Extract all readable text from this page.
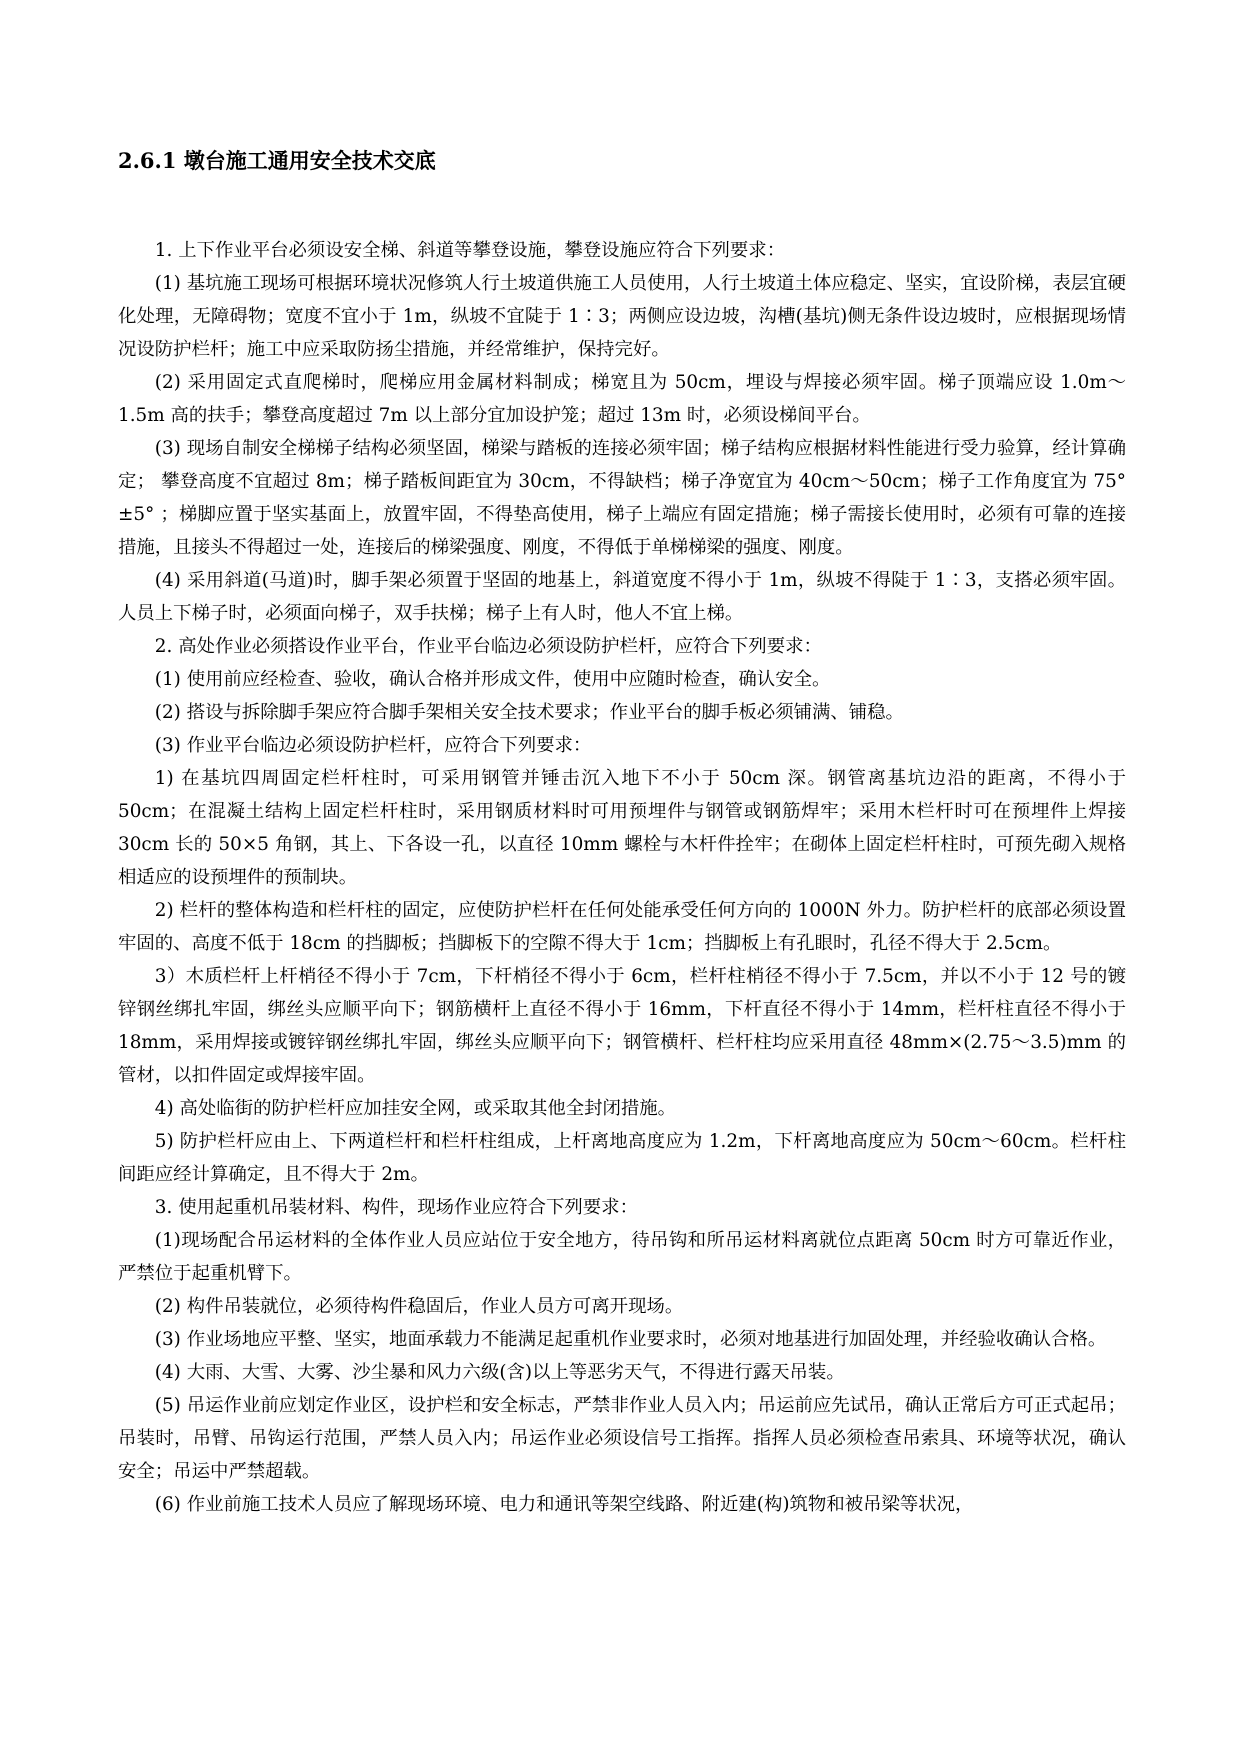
2.6.1 墩台施工通用安全技术交底

1. 上下作业平台必须设安全梯、斜道等攀登设施，攀登设施应符合下列要求：

(1) 基坑施工现场可根据环境状况修筑人行土坡道供施工人员使用，人行土坡道土体应稳定、坚实，宜设阶梯，表层宜硬化处理，无障碍物；宽度不宜小于 1m，纵坡不宜陡于 1∶3；两侧应设边坡，沟槽(基坑)侧无条件设边坡时，应根据现场情况设防护栏杆；施工中应采取防扬尘措施，并经常维护，保持完好。

(2) 采用固定式直爬梯时，爬梯应用金属材料制成；梯宽且为 50cm，埋设与焊接必须牢固。梯子顶端应设 1.0m～1.5m 高的扶手；攀登高度超过 7m 以上部分宜加设护笼；超过 13m 时，必须设梯间平台。

(3) 现场自制安全梯梯子结构必须坚固，梯梁与踏板的连接必须牢固；梯子结构应根据材料性能进行受力验算，经计算确定； 攀登高度不宜超过 8m；梯子踏板间距宜为 30cm，不得缺档；梯子净宽宜为 40cm～50cm；梯子工作角度宜为 75° ±5° ；梯脚应置于坚实基面上，放置牢固，不得垫高使用，梯子上端应有固定措施；梯子需接长使用时，必须有可靠的连接措施，且接头不得超过一处，连接后的梯梁强度、刚度，不得低于单梯梯梁的强度、刚度。

(4) 采用斜道(马道)时，脚手架必须置于坚固的地基上，斜道宽度不得小于 1m，纵坡不得陡于 1∶3，支搭必须牢固。人员上下梯子时，必须面向梯子，双手扶梯；梯子上有人时，他人不宜上梯。

2. 高处作业必须搭设作业平台，作业平台临边必须设防护栏杆，应符合下列要求：

(1) 使用前应经检查、验收，确认合格并形成文件，使用中应随时检查，确认安全。

(2) 搭设与拆除脚手架应符合脚手架相关安全技术要求；作业平台的脚手板必须铺满、铺稳。

(3) 作业平台临边必须设防护栏杆，应符合下列要求：

1) 在基坑四周固定栏杆柱时，可采用钢管并锤击沉入地下不小于 50cm 深。钢管离基坑边沿的距离，不得小于 50cm；在混凝土结构上固定栏杆柱时，采用钢质材料时可用预埋件与钢管或钢筋焊牢；采用木栏杆时可在预埋件上焊接 30cm 长的 50×5 角钢，其上、下各设一孔，以直径 10mm 螺栓与木杆件拴牢；在砌体上固定栏杆柱时，可预先砌入规格相适应的设预埋件的预制块。

2) 栏杆的整体构造和栏杆柱的固定，应使防护栏杆在任何处能承受任何方向的 1000N 外力。防护栏杆的底部必须设置牢固的、高度不低于 18cm 的挡脚板；挡脚板下的空隙不得大于 1cm；挡脚板上有孔眼时，孔径不得大于 2.5cm。

3）木质栏杆上杆梢径不得小于 7cm，下杆梢径不得小于 6cm，栏杆柱梢径不得小于 7.5cm，并以不小于 12 号的镀锌钢丝绑扎牢固，绑丝头应顺平向下；钢筋横杆上直径不得小于 16mm，下杆直径不得小于 14mm，栏杆柱直径不得小于 18mm，采用焊接或镀锌钢丝绑扎牢固，绑丝头应顺平向下；钢管横杆、栏杆柱均应采用直径 48mm×(2.75～3.5)mm 的管材，以扣件固定或焊接牢固。

4) 高处临街的防护栏杆应加挂安全网，或采取其他全封闭措施。

5) 防护栏杆应由上、下两道栏杆和栏杆柱组成，上杆离地高度应为 1.2m，下杆离地高度应为 50cm～60cm。栏杆柱间距应经计算确定，且不得大于 2m。

3. 使用起重机吊装材料、构件，现场作业应符合下列要求：

(1)现场配合吊运材料的全体作业人员应站位于安全地方，待吊钩和所吊运材料离就位点距离 50cm 时方可靠近作业，严禁位于起重机臂下。

(2) 构件吊装就位，必须待构件稳固后，作业人员方可离开现场。

(3) 作业场地应平整、坚实，地面承载力不能满足起重机作业要求时，必须对地基进行加固处理，并经验收确认合格。

(4) 大雨、大雪、大雾、沙尘暴和风力六级(含)以上等恶劣天气，不得进行露天吊装。

(5) 吊运作业前应划定作业区，设护栏和安全标志，严禁非作业人员入内；吊运前应先试吊，确认正常后方可正式起吊；吊装时，吊臂、吊钩运行范围，严禁人员入内；吊运作业必须设信号工指挥。指挥人员必须检查吊索具、环境等状况，确认安全；吊运中严禁超载。

(6) 作业前施工技术人员应了解现场环境、电力和通讯等架空线路、附近建(构)筑物和被吊梁等状况，
